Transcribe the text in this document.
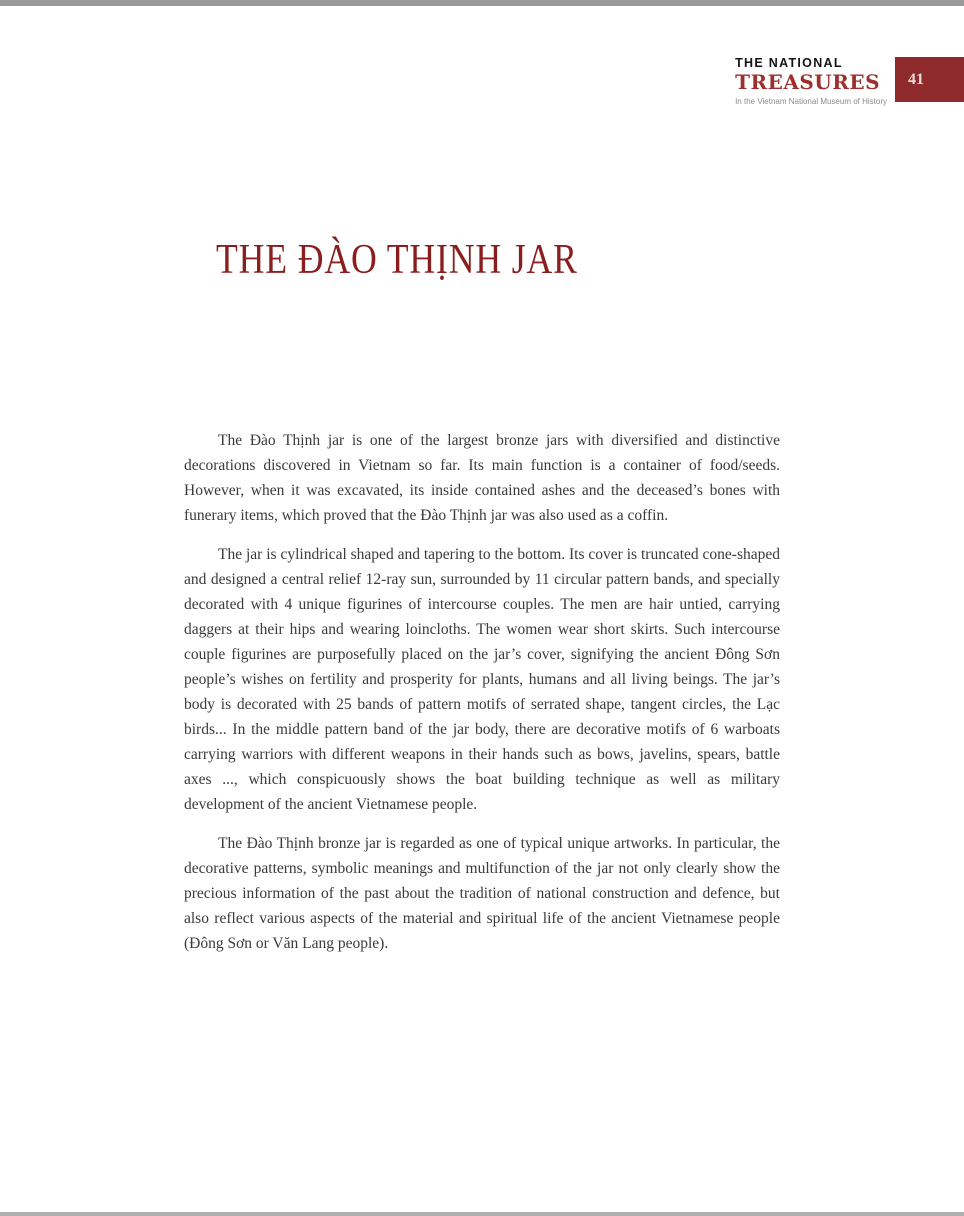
THE NATIONAL
TREASURES
In the Vietnam National Museum of History
41
THE ĐÀO THỊNH JAR

The Đào Thịnh jar is one of the largest bronze jars with diversified and distinctive decorations discovered in Vietnam so far. Its main function is a container of food/seeds. However, when it was excavated, its inside contained ashes and the deceased’s bones with funerary items, which proved that the Đào Thịnh jar was also used as a coffin.

The jar is cylindrical shaped and tapering to the bottom. Its cover is truncated cone-shaped and designed a central relief 12-ray sun, surrounded by 11 circular pattern bands, and specially decorated with 4 unique figurines of intercourse couples. The men are hair untied, carrying daggers at their hips and wearing loincloths. The women wear short skirts. Such intercourse couple figurines are purposefully placed on the jar’s cover, signifying the ancient Đông Sơn people’s wishes on fertility and prosperity for plants, humans and all living beings. The jar’s body is decorated with 25 bands of pattern motifs of serrated shape, tangent circles, the Lạc birds... In the middle pattern band of the jar body, there are decorative motifs of 6 warboats carrying warriors with different weapons in their hands such as bows, javelins, spears, battle axes ..., which conspicuously shows the boat building technique as well as military development of the ancient Vietnamese people.

The Đào Thịnh bronze jar is regarded as one of typical unique artworks. In particular, the decorative patterns, symbolic meanings and multifunction of the jar not only clearly show the precious information of the past about the tradition of national construction and defence, but also reflect various aspects of the material and spiritual life of the ancient Vietnamese people (Đông Sơn or Văn Lang people).
